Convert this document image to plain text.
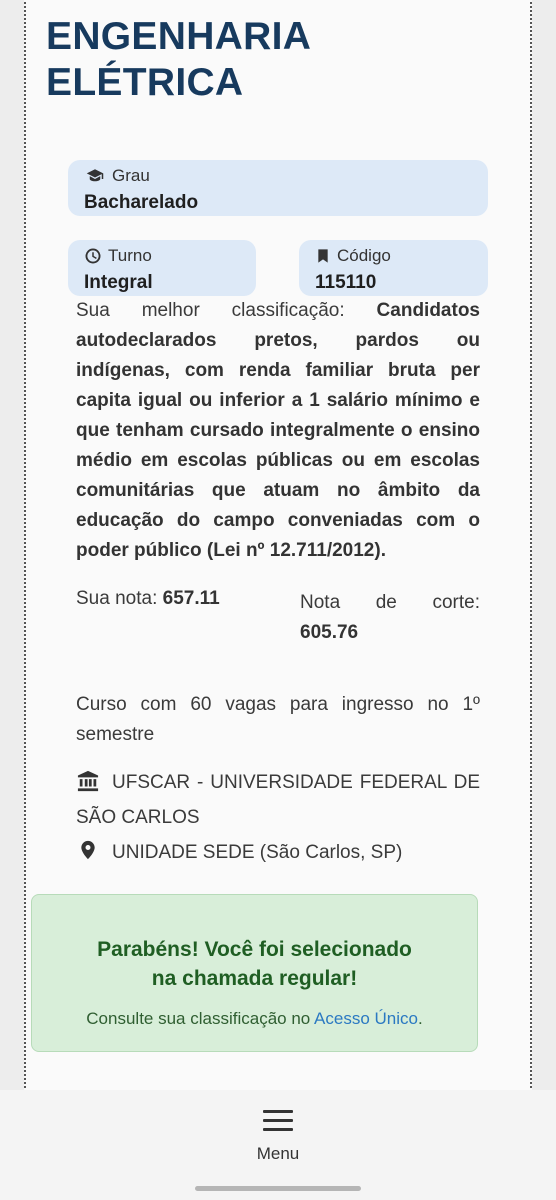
ENGENHARIA
ELÉTRICA
Grau
Bacharelado
Turno
Integral
Código
115110

Sua melhor classificação: Candidatos autodeclarados pretos, pardos ou indígenas, com renda familiar bruta per capita igual ou inferior a 1 salário mínimo e que tenham cursado integralmente o ensino médio em escolas públicas ou em escolas comunitárias que atuam no âmbito da educação do campo conveniadas com o poder público (Lei nº 12.711/2012).

Sua nota:
657.11	Nota de corte:
605.76

Curso com 60 vagas para ingresso no 1º semestre

UFSCAR - UNIVERSIDADE FEDERAL DE SÃO CARLOS
UNIDADE SEDE (São Carlos, SP)
Parabéns! Você foi selecionado na chamada regular!
Consulte sua classificação no Acesso Único.
Menu
